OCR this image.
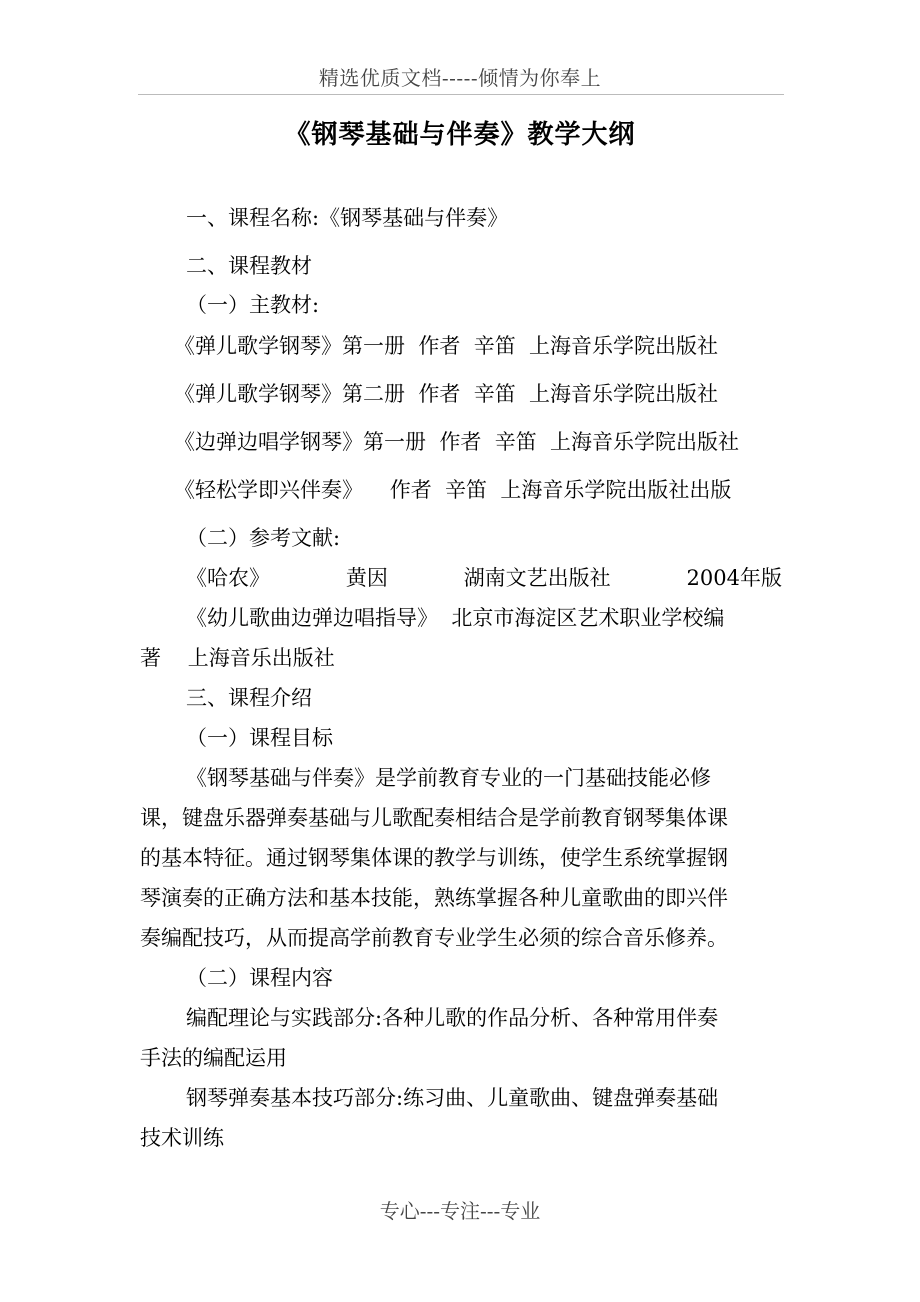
精选优质文档-----倾情为你奉上
《钢琴基础与伴奏》教学大纲
一、课程名称:《钢琴基础与伴奏》
二、课程教材
（一）主教材:
《弹儿歌学钢琴》第一册  作者  辛笛  上海音乐学院出版社
《弹儿歌学钢琴》第二册  作者  辛笛  上海音乐学院出版社
《边弹边唱学钢琴》第一册  作者  辛笛  上海音乐学院出版社
《轻松学即兴伴奏》    作者  辛笛  上海音乐学院出版社出版
（二）参考文献:
《哈农》	黄因	湖南文艺出版社	2004年版
《幼儿歌曲边弹边唱指导》  北京市海淀区艺术职业学校编
著    上海音乐出版社
三、课程介绍
（一）课程目标
《钢琴基础与伴奏》是学前教育专业的一门基础技能必修
课，键盘乐器弹奏基础与儿歌配奏相结合是学前教育钢琴集体课
的基本特征。通过钢琴集体课的教学与训练，使学生系统掌握钢
琴演奏的正确方法和基本技能，熟练掌握各种儿童歌曲的即兴伴
奏编配技巧，从而提高学前教育专业学生必须的综合音乐修养。
（二）课程内容
编配理论与实践部分:各种儿歌的作品分析、各种常用伴奏
手法的编配运用
钢琴弹奏基本技巧部分:练习曲、儿童歌曲、键盘弹奏基础
技术训练
专心---专注---专业
